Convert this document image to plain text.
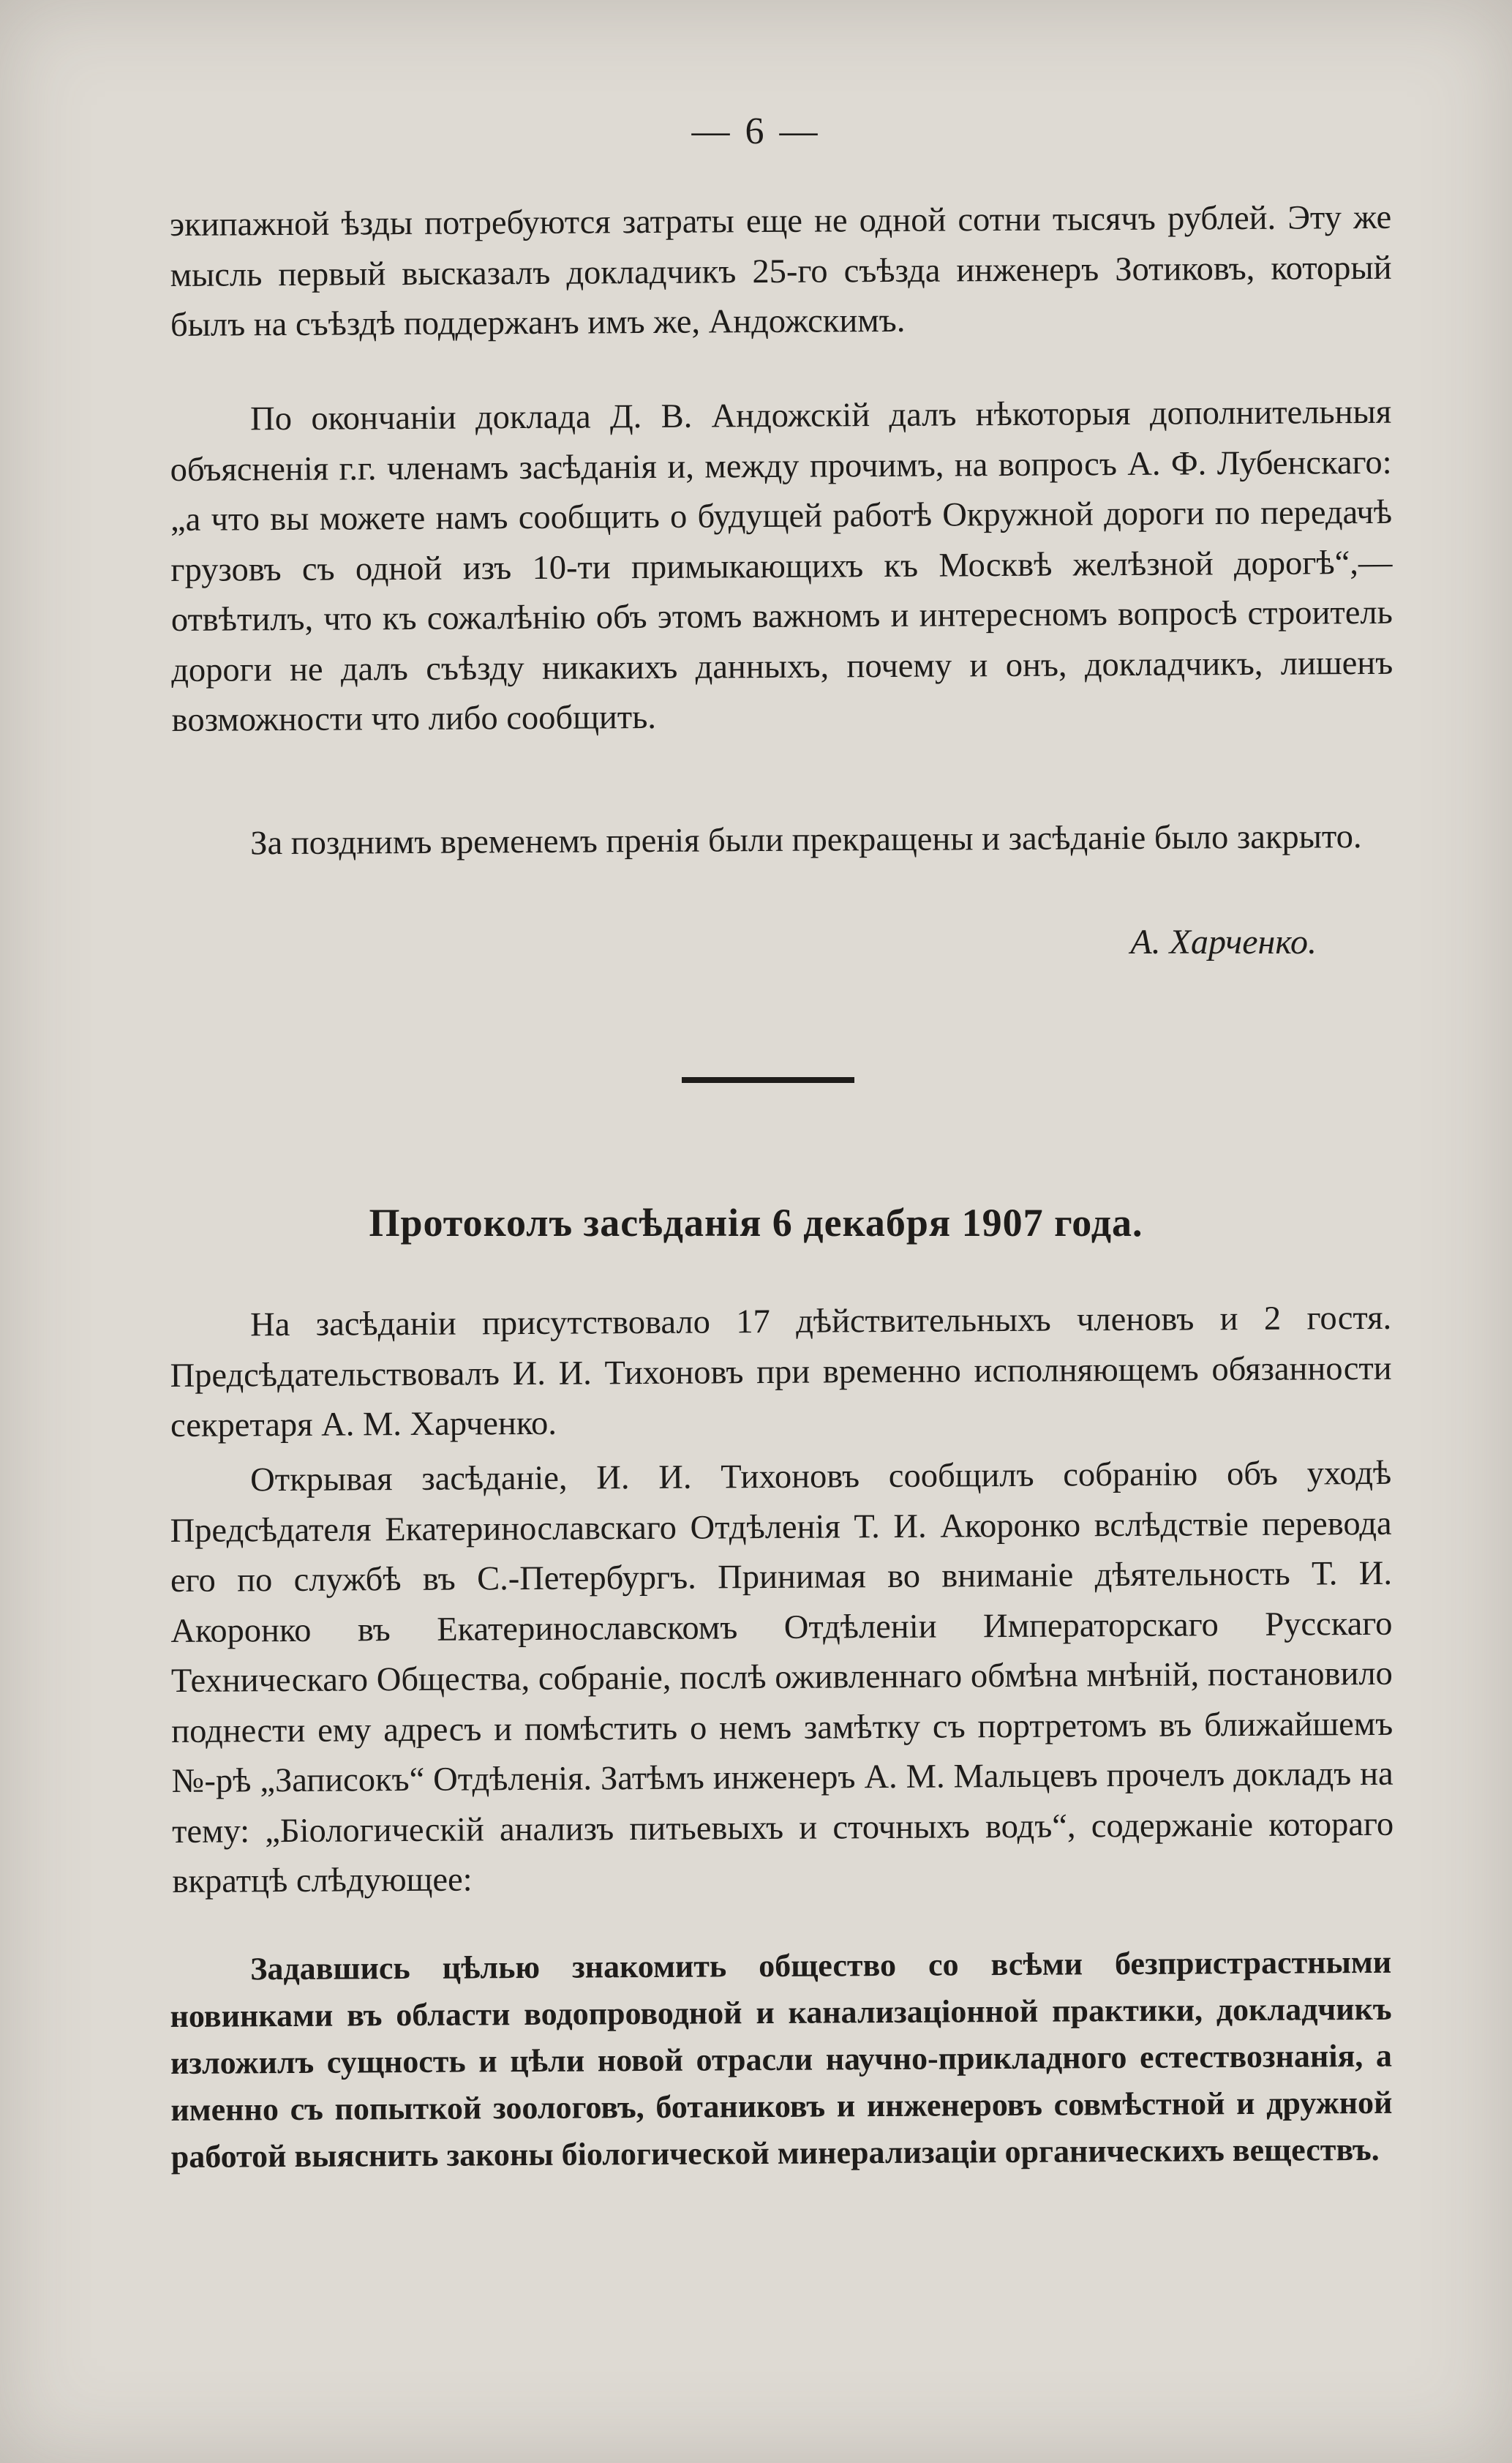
— 6 —

экипажной ѣзды потребуются затраты еще не одной сотни тысячъ рублей. Эту же мысль первый высказалъ докладчикъ 25-го съѣзда инженеръ Зотиковъ, который былъ на съѣздѣ поддержанъ имъ же, Андожскимъ.

По окончанiи доклада Д. В. Андожскiй далъ нѣкоторыя дополнительныя объясненiя г.г. членамъ засѣданiя и, между прочимъ, на вопросъ А. Ф. Лубенскаго: „а что вы можете намъ сообщить о будущей работѣ Окружной дороги по передачѣ грузовъ съ одной изъ 10-ти примыкающихъ къ Москвѣ желѣзной дорогѣ“,—отвѣтилъ, что къ сожалѣнiю объ этомъ важномъ и интересномъ вопросѣ строитель дороги не далъ съѣзду никакихъ данныхъ, почему и онъ, докладчикъ, лишенъ возможности что либо сообщить.

За позднимъ временемъ пренiя были прекращены и засѣданiе было закрыто.

А. Харченко.
Протоколъ засѣданiя 6 декабря 1907 года.

На засѣданiи присутствовало 17 дѣйствительныхъ членовъ и 2 гостя. Предсѣдательствовалъ И. И. Тихоновъ при временно исполняющемъ обязанности секретаря А. М. Харченко.

Открывая засѣданiе, И. И. Тихоновъ сообщилъ собранiю объ уходѣ Предсѣдателя Екатеринославскаго Отдѣленiя Т. И. Акоронко вслѣдствiе перевода его по службѣ въ С.-Петербургъ. Принимая во вниманiе дѣятельность Т. И. Акоронко въ Екатеринославскомъ Отдѣленiи Императорскаго Русскаго Техническаго Общества, собранiе, послѣ оживленнаго обмѣна мнѣнiй, постановило поднести ему адресъ и помѣстить о немъ замѣтку съ портретомъ въ ближайшемъ №-рѣ „Записокъ“ Отдѣленiя. Затѣмъ инженеръ А. М. Мальцевъ прочелъ докладъ на тему: „Бiологическiй анализъ питьевыхъ и сточныхъ водъ“, содержанiе котораго вкратцѣ слѣдующее:

Задавшись цѣлью знакомить общество со всѣми безпристрастными новинками въ области водопроводной и канализацiонной практики, докладчикъ изложилъ сущность и цѣли новой отрасли научно-прикладного естествознанiя, а именно съ попыткой зоологовъ, ботаниковъ и инженеровъ совмѣстной и дружной работой выяснить законы бiологической минерализацiи органическихъ веществъ.
